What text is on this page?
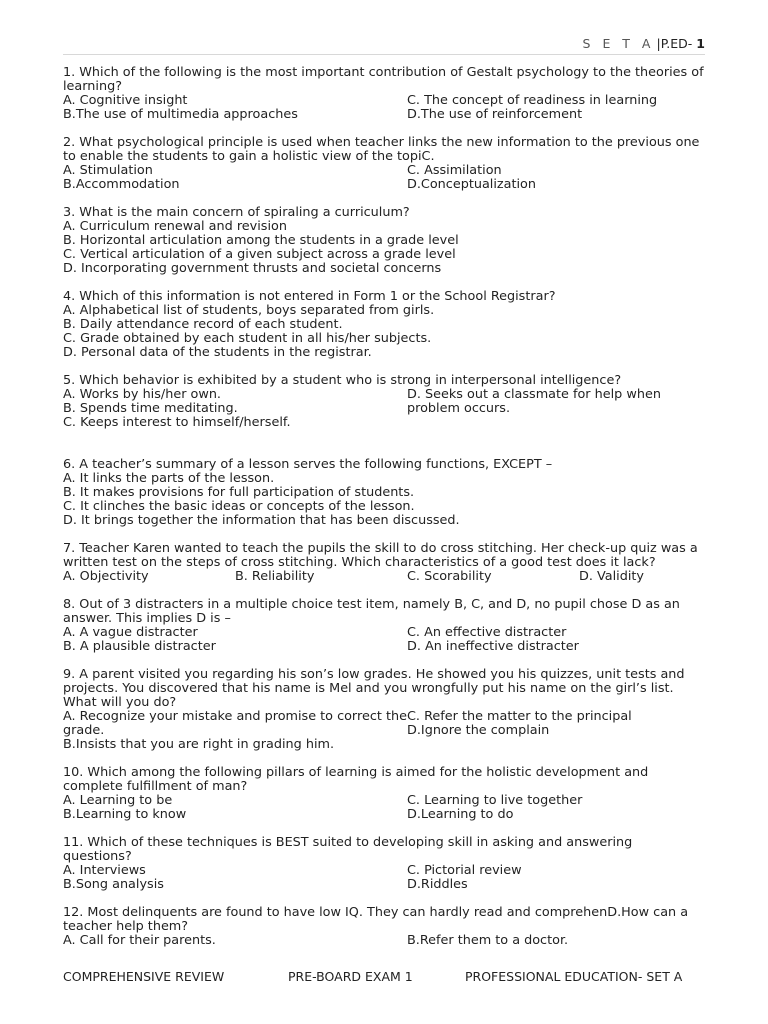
S E T A |P.ED- 1
1. Which of the following is the most important contribution of Gestalt psychology to the theories of learning?
A. Cognitive insight	C. The concept of readiness in learning
B.The use of multimedia approaches	D.The use of reinforcement
2. What psychological principle is used when teacher links the new information to the previous one to enable the students to gain a holistic view of the topiC.
A. Stimulation	C. Assimilation
B.Accommodation	D.Conceptualization
3. What is the main concern of spiraling a curriculum?
A. Curriculum renewal and revision
B. Horizontal articulation among the students in a grade level
C. Vertical articulation of a given subject across a grade level
D. Incorporating government thrusts and societal concerns
4. Which of this information is not entered in Form 1 or the School Registrar?
A. Alphabetical list of students, boys separated from girls.
B. Daily attendance record of each student.
C. Grade obtained by each student in all his/her subjects.
D. Personal data of the students in the registrar.
5. Which behavior is exhibited by a student who is strong in interpersonal intelligence?
A. Works by his/her own.
B. Spends time meditating.
C. Keeps interest to himself/herself.
D. Seeks out a classmate for help when problem occurs.
6. A teacher’s summary of a lesson serves the following functions, EXCEPT –
A. It links the parts of the lesson.
B. It makes provisions for full participation of students.
C. It clinches the basic ideas or concepts of the lesson.
D. It brings together the information that has been discussed.
7. Teacher Karen wanted to teach the pupils the skill to do cross stitching. Her check-up quiz was a written test on the steps of cross stitching. Which characteristics of a good test does it lack?
A. Objectivity	B. Reliability	C. Scorability	D. Validity
8. Out of 3 distracters in a multiple choice test item, namely B, C, and D, no pupil chose D as an answer. This implies D is –
A. A vague distracter	C. An effective distracter
B. A plausible distracter	D. An ineffective distracter
9. A parent visited you regarding his son’s low grades. He showed you his quizzes, unit tests and projects. You discovered that his name is Mel and you wrongfully put his name on the girl’s list.
What will you do?
A. Recognize your mistake and promise to correct the grade.
C. Refer the matter to the principal
D.Ignore the complain
B.Insists that you are right in grading him.
10. Which among the following pillars of learning is aimed for the holistic development and complete fulfillment of man?
A. Learning to be	C. Learning to live together
B.Learning to know	D.Learning to do
11. Which of these techniques is BEST suited to developing skill in asking and answering questions?
A. Interviews	C. Pictorial review
B.Song analysis	D.Riddles
12. Most delinquents are found to have low IQ. They can hardly read and comprehenD.How can a teacher help them?
A. Call for their parents.	B.Refer them to a doctor.
COMPREHENSIVE REVIEW	PRE-BOARD EXAM 1	PROFESSIONAL EDUCATION- SET A
